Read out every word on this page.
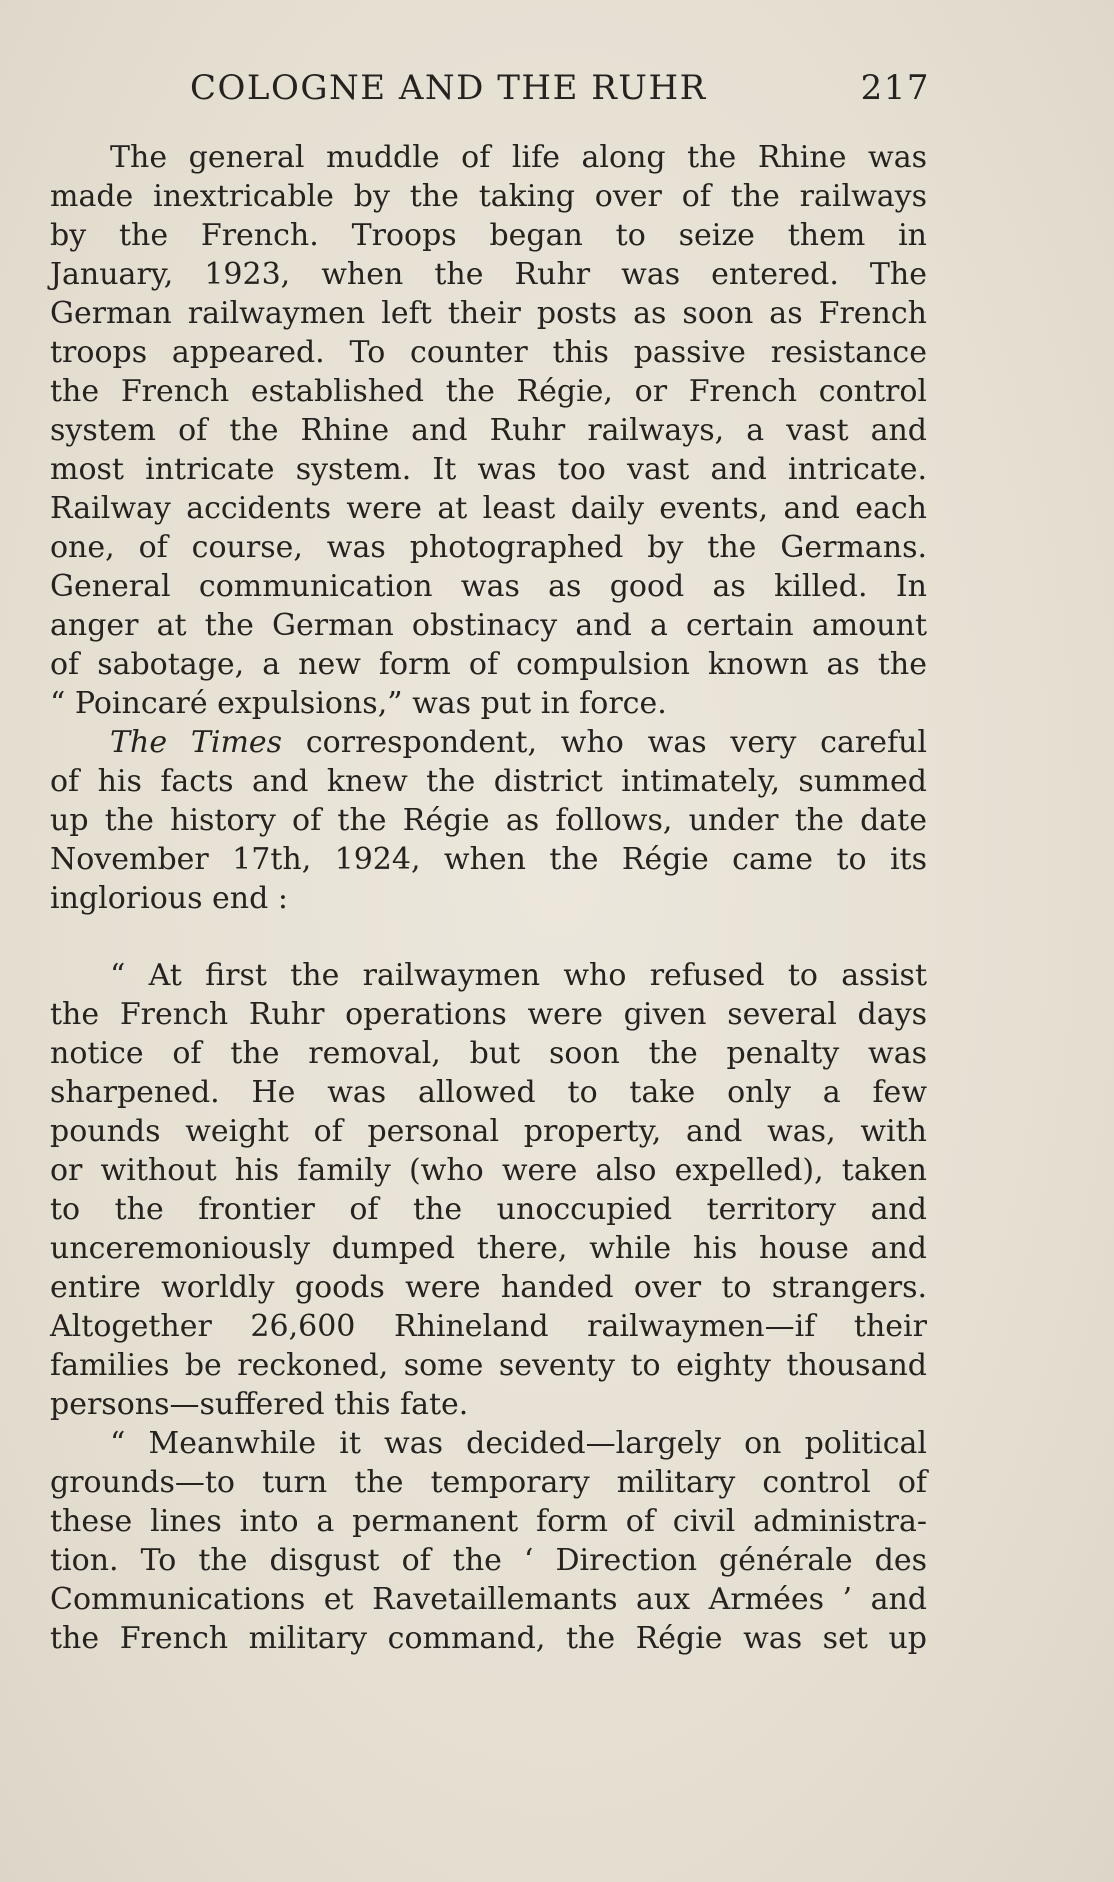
COLOGNE AND THE RUHR	217
The general muddle of life along the Rhine was
made inextricable by the taking over of the railways
by the French. Troops began to seize them in
January, 1923, when the Ruhr was entered. The
German railwaymen left their posts as soon as French
troops appeared. To counter this passive resistance
the French established the Régie, or French control
system of the Rhine and Ruhr railways, a vast and
most intricate system. It was too vast and intricate.
Railway accidents were at least daily events, and each
one, of course, was photographed by the Germans.
General communication was as good as killed. In
anger at the German obstinacy and a certain amount
of sabotage, a new form of compulsion known as the
“ Poincaré expulsions,” was put in force.
The Times correspondent, who was very careful
of his facts and knew the district intimately, summed
up the history of the Régie as follows, under the date
November 17th, 1924, when the Régie came to its
inglorious end :
“ At first the railwaymen who refused to assist
the French Ruhr operations were given several days
notice of the removal, but soon the penalty was
sharpened. He was allowed to take only a few
pounds weight of personal property, and was, with
or without his family (who were also expelled), taken
to the frontier of the unoccupied territory and
unceremoniously dumped there, while his house and
entire worldly goods were handed over to strangers.
Altogether 26,600 Rhineland railwaymen—if their
families be reckoned, some seventy to eighty thousand
persons—suffered this fate.
“ Meanwhile it was decided—largely on political
grounds—to turn the temporary military control of
these lines into a permanent form of civil administra-
tion. To the disgust of the ‘ Direction générale des
Communications et Ravetaillemants aux Armées ’ and
the French military command, the Régie was set up
